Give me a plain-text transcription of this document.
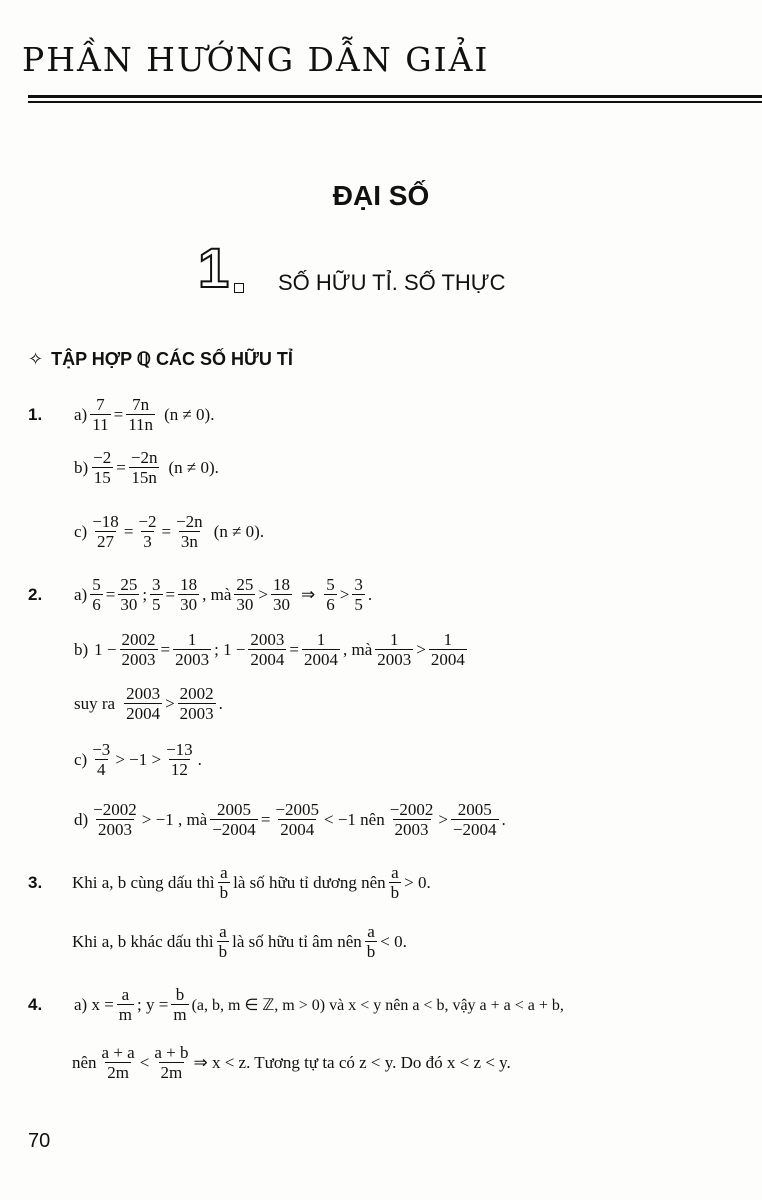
PHẦN HƯỚNG DẪN GIẢI
ĐẠI SỐ
1 SỐ HỮU TỈ. SỐ THỰC
✧ TẬP HỢP ℚ CÁC SỐ HỮU TỈ
1.	$a) \frac{7}{11} = \frac{7n}{11n} (n \ne 0)$.
$b) \frac{-2}{15} = \frac{-2n}{15n} (n \ne 0)$.
$c) \frac{-18}{27} = \frac{-2}{3} = \frac{-2n}{3n} (n \ne 0)$.
2.	$a) \frac{5}{6} = \frac{25}{30}$ ; $\frac{3}{5} = \frac{18}{30}$ , mà $\frac{25}{30} > \frac{18}{30}$ ⇒ $\frac{5}{6} > \frac{3}{5}$ .
b) $1 - \frac{2002}{2003} = \frac{1}{2003}$ ; $1 - \frac{2003}{2004} = \frac{1}{2004}$ , mà $\frac{1}{2003} > \frac{1}{2004}$
suy ra $\frac{2003}{2004} > \frac{2002}{2003}$ .
$c) \frac{-3}{4} > -1 > \frac{-13}{12}$ .
$d) \frac{-2002}{2003} > -1$ , mà $\frac{2005}{-2004} = \frac{-2005}{2004} < -1$ nên $\frac{-2002}{2003} > \frac{2005}{-2004}$ .
3.	Khi a, b cùng dấu thì $\frac{a}{b}$ là số hữu tỉ dương nên $\frac{a}{b} > 0$.
Khi a, b khác dấu thì $\frac{a}{b}$ là số hữu tỉ âm nên $\frac{a}{b} < 0$.
4.	a) $x = \frac{a}{m}$ ; $y = \frac{b}{m} (a$, b, m ∈ ℤ, m > 0) và x < y nên a < b, vậy a + a < a + b,
nên $\frac{a + a}{2m} < \frac{a + b}{2m}$ ⇒ x < z. Tương tự ta có z < y. Do đó x < z < y.
70
